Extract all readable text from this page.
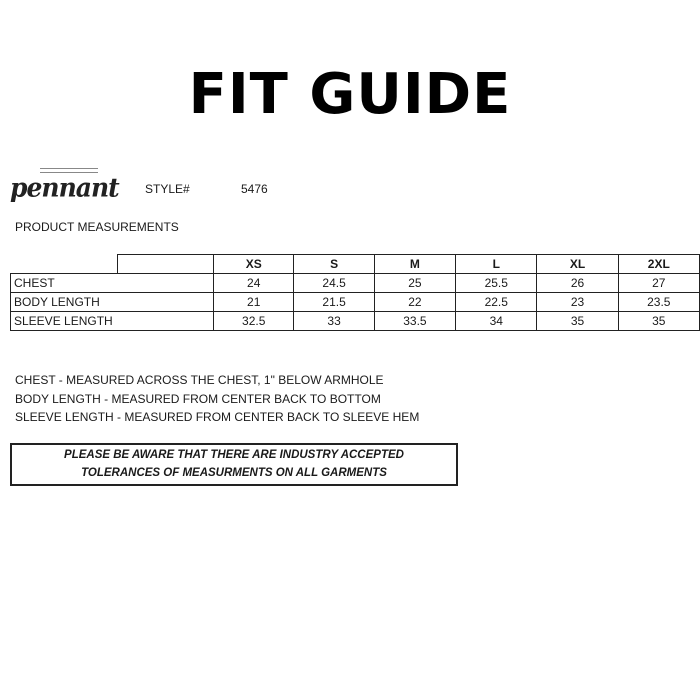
FIT GUIDE
pennant STYLE#	5476
PRODUCT MEASUREMENTS
		XS	S	M	L	XL	2XL
CHEST		24	24.5	25	25.5	26	27
BODY LENGTH		21	21.5	22	22.5	23	23.5
SLEEVE LENGTH		32.5	33	33.5	34	35	35
CHEST - MEASURED ACROSS THE CHEST, 1" BELOW ARMHOLE
BODY LENGTH - MEASURED FROM CENTER BACK TO BOTTOM
SLEEVE LENGTH - MEASURED FROM CENTER BACK TO SLEEVE HEM
PLEASE BE AWARE THAT THERE ARE INDUSTRY ACCEPTED
TOLERANCES OF MEASURMENTS ON ALL GARMENTS
